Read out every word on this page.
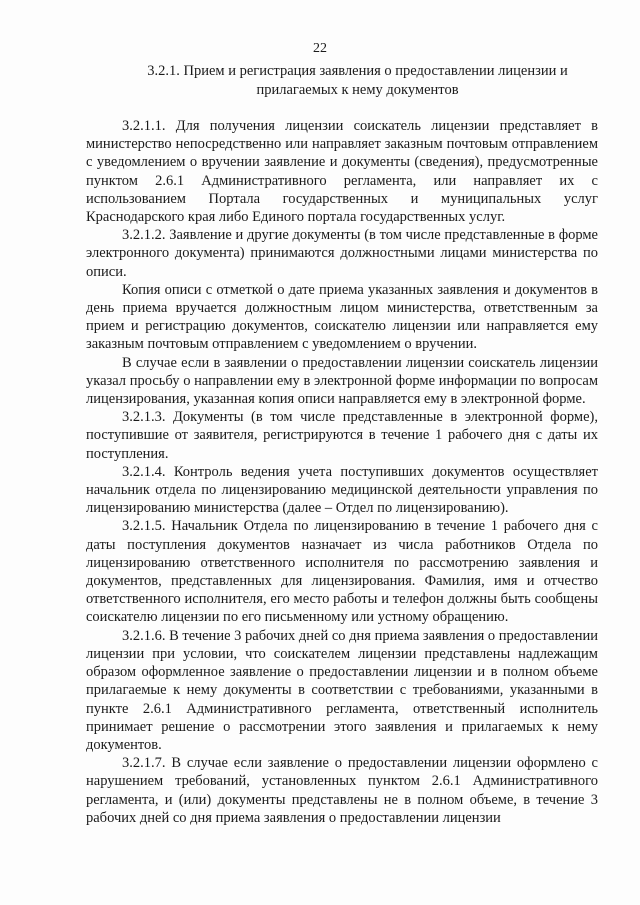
22
3.2.1. Прием и регистрация заявления о предоставлении лицензии и прилагаемых к нему документов

3.2.1.1. Для получения лицензии соискатель лицензии представляет в министерство непосредственно или направляет заказным почтовым отправлением с уведомлением о вручении заявление и документы (сведения), предусмотренные пунктом 2.6.1 Административного регламента, или направляет их с использованием Портала государственных и муниципальных услуг Краснодарского края либо Единого портала государственных услуг.

3.2.1.2. Заявление и другие документы (в том числе представленные в форме электронного документа) принимаются должностными лицами министерства по описи.

Копия описи с отметкой о дате приема указанных заявления и документов в день приема вручается должностным лицом министерства, ответственным за прием и регистрацию документов, соискателю лицензии или направляется ему заказным почтовым отправлением с уведомлением о вручении.

В случае если в заявлении о предоставлении лицензии соискатель лицензии указал просьбу о направлении ему в электронной форме информации по вопросам лицензирования, указанная копия описи направляется ему в электронной форме.

3.2.1.3. Документы (в том числе представленные в электронной форме), поступившие от заявителя, регистрируются в течение 1 рабочего дня с даты их поступления.

3.2.1.4. Контроль ведения учета поступивших документов осуществляет начальник отдела по лицензированию медицинской деятельности управления по лицензированию министерства (далее – Отдел по лицензированию).

3.2.1.5. Начальник Отдела по лицензированию в течение 1 рабочего дня с даты поступления документов назначает из числа работников Отдела по лицензированию ответственного исполнителя по рассмотрению заявления и документов, представленных для лицензирования. Фамилия, имя и отчество ответственного исполнителя, его место работы и телефон должны быть сообщены соискателю лицензии по его письменному или устному обращению.

3.2.1.6. В течение 3 рабочих дней со дня приема заявления о предоставлении лицензии при условии, что соискателем лицензии представлены надлежащим образом оформленное заявление о предоставлении лицензии и в полном объеме прилагаемые к нему документы в соответствии с требованиями, указанными в пункте 2.6.1 Административного регламента, ответственный исполнитель принимает решение о рассмотрении этого заявления и прилагаемых к нему документов.

3.2.1.7. В случае если заявление о предоставлении лицензии оформлено с нарушением требований, установленных пунктом 2.6.1 Административного регламента, и (или) документы представлены не в полном объеме, в течение 3 рабочих дней со дня приема заявления о предоставлении лицензии
